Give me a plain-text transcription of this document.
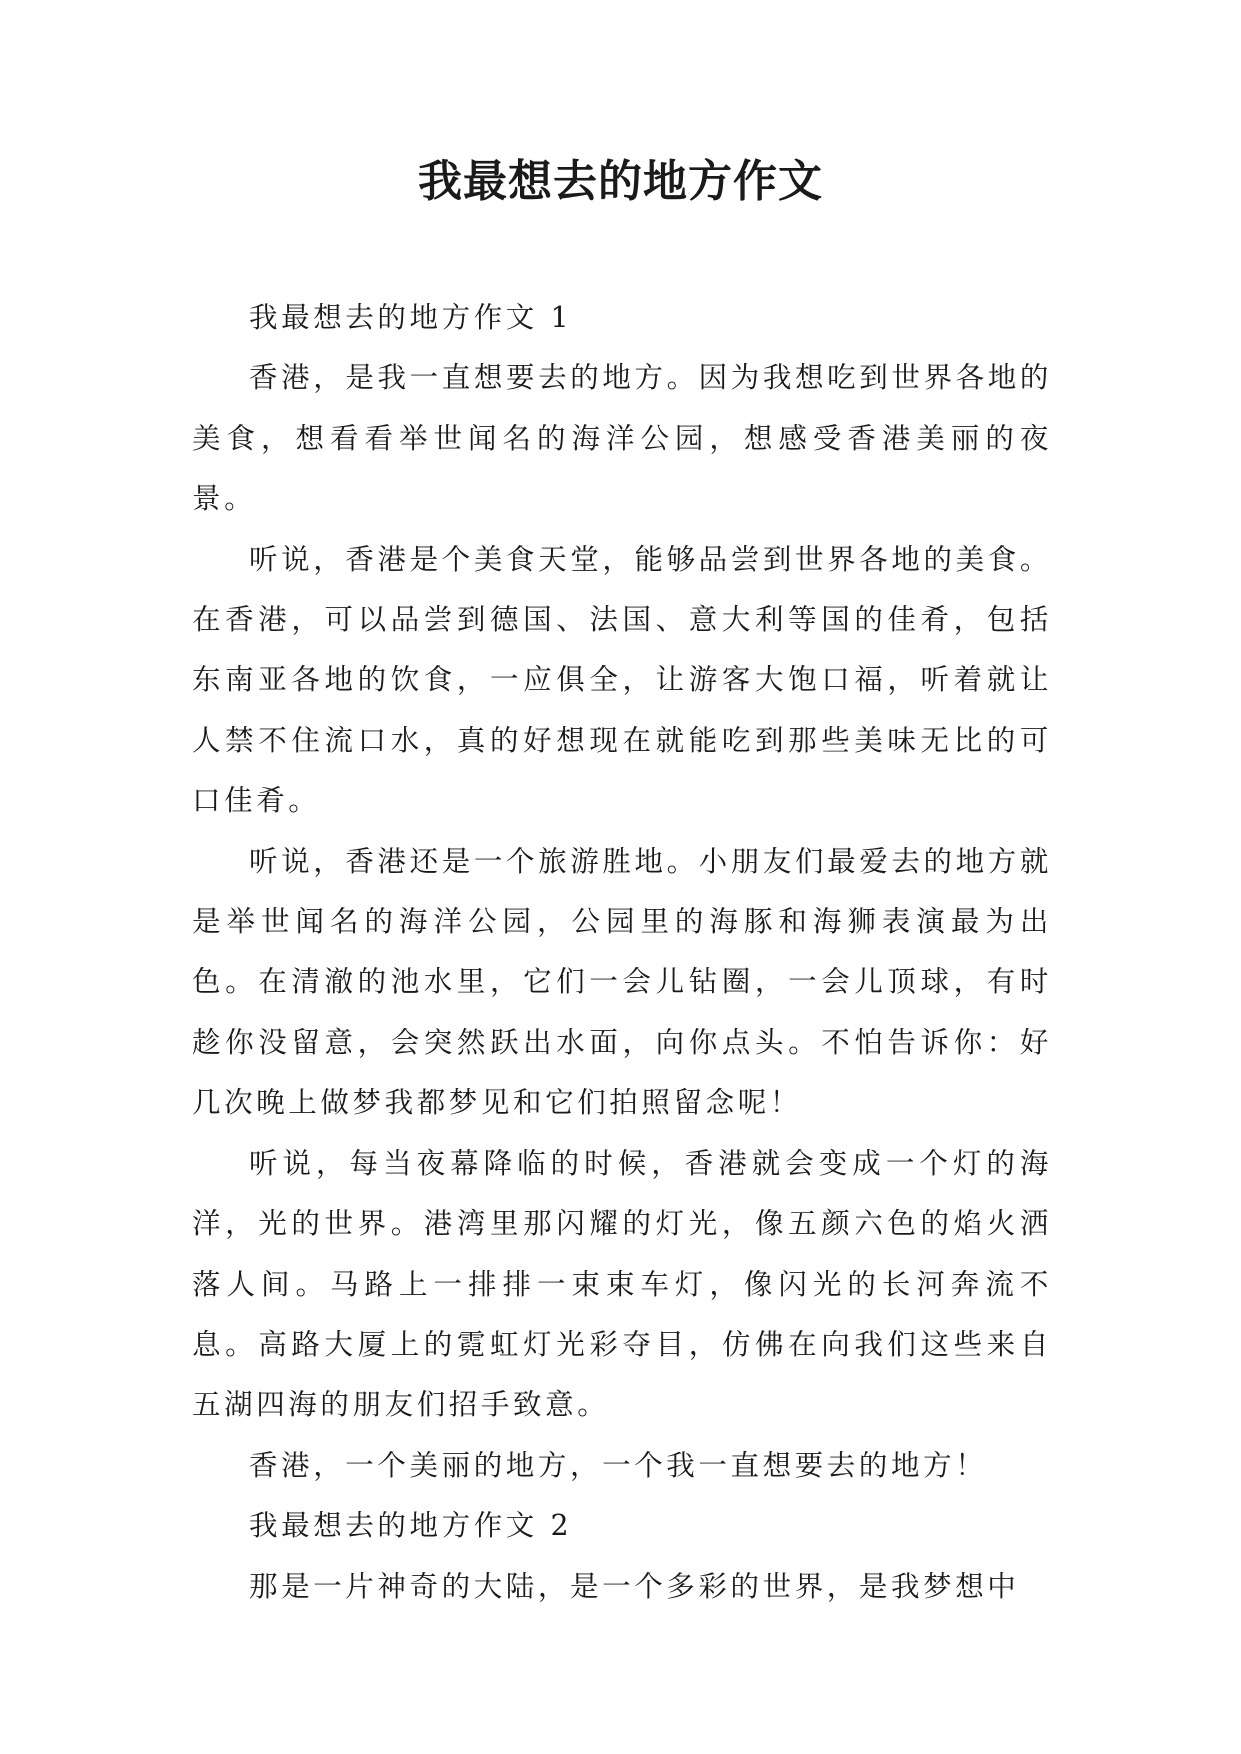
我最想去的地方作文

我最想去的地方作文 1

香港，是我一直想要去的地方。因为我想吃到世界各地的美食，想看看举世闻名的海洋公园，想感受香港美丽的夜景。

听说，香港是个美食天堂，能够品尝到世界各地的美食。在香港，可以品尝到德国、法国、意大利等国的佳肴，包括东南亚各地的饮食，一应俱全，让游客大饱口福，听着就让人禁不住流口水，真的好想现在就能吃到那些美味无比的可口佳肴。

听说，香港还是一个旅游胜地。小朋友们最爱去的地方就是举世闻名的海洋公园，公园里的海豚和海狮表演最为出色。在清澈的池水里，它们一会儿钻圈，一会儿顶球，有时趁你没留意，会突然跃出水面，向你点头。不怕告诉你：好几次晚上做梦我都梦见和它们拍照留念呢！

听说，每当夜幕降临的时候，香港就会变成一个灯的海洋，光的世界。港湾里那闪耀的灯光，像五颜六色的焰火洒落人间。马路上一排排一束束车灯，像闪光的长河奔流不息。高路大厦上的霓虹灯光彩夺目，仿佛在向我们这些来自五湖四海的朋友们招手致意。

香港，一个美丽的地方，一个我一直想要去的地方！

我最想去的地方作文 2

那是一片神奇的大陆，是一个多彩的世界，是我梦想中
